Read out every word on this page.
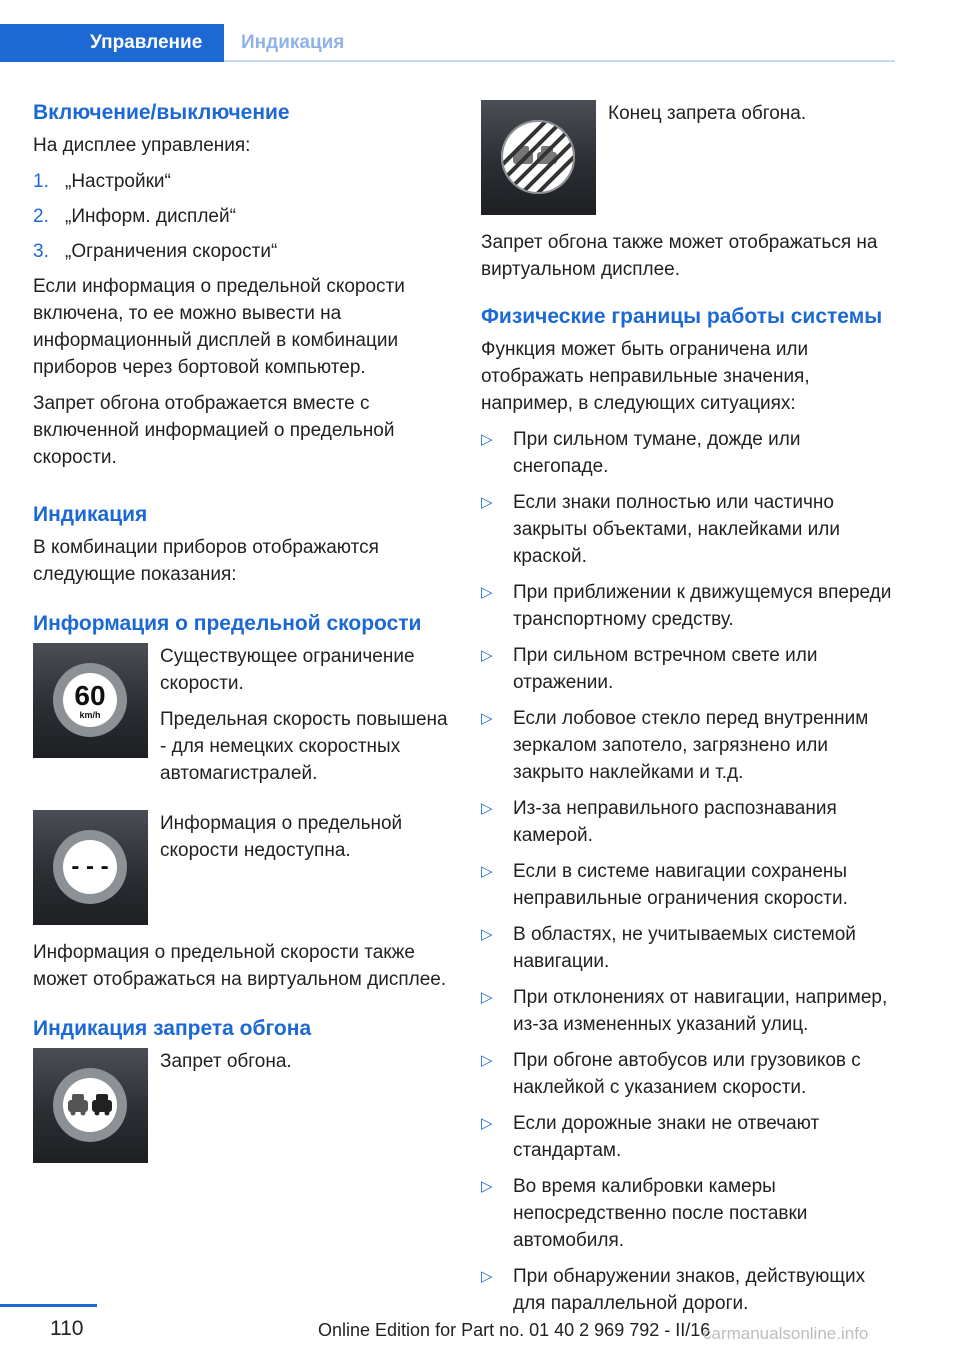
Управление	Индикация
Включение/выключение

На дисплее управления:

1. „Настройки“
2. „Информ. дисплей“
3. „Ограничения скорости“

Если информация о предельной скорости включена, то ее можно вывести на информационный дисплей в комбинации приборов через бортовой компьютер.

Запрет обгона отображается вместе с включенной информацией о предельной скорости.

Индикация

В комбинации приборов отображаются следующие показания:

Информация о предельной скорости
60
km/h

Существующее ограничение скорости.

Предельная скорость повышена - для немецких скоростных автомагистралей.

- - -

Информация о предельной скорости недоступна.

Информация о предельной скорости также может отображаться на виртуальном дисплее.

Индикация запрета обгона

Запрет обгона.

Конец запрета обгона.

Запрет обгона также может отображаться на виртуальном дисплее.

Физические границы работы системы

Функция может быть ограничена или отображать неправильные значения, например, в следующих ситуациях:

▷ При сильном тумане, дожде или снегопаде.
▷ Если знаки полностью или частично закрыты объектами, наклейками или краской.
▷ При приближении к движущемуся впереди транспортному средству.
▷ При сильном встречном свете или отражении.
▷ Если лобовое стекло перед внутренним зеркалом запотело, загрязнено или закрыто наклейками и т.д.
▷ Из-за неправильного распознавания камерой.
▷ Если в системе навигации сохранены неправильные ограничения скорости.
▷ В областях, не учитываемых системой навигации.
▷ При отклонениях от навигации, например, из-за измененных указаний улиц.
▷ При обгоне автобусов или грузовиков с наклейкой с указанием скорости.
▷ Если дорожные знаки не отвечают стандартам.
▷ Во время калибровки камеры непосредственно после поставки автомобиля.
▷ При обнаружении знаков, действующих для параллельной дороги.
110	Online Edition for Part no. 01 40 2 969 792 - II/16
carmanualsonline.info
